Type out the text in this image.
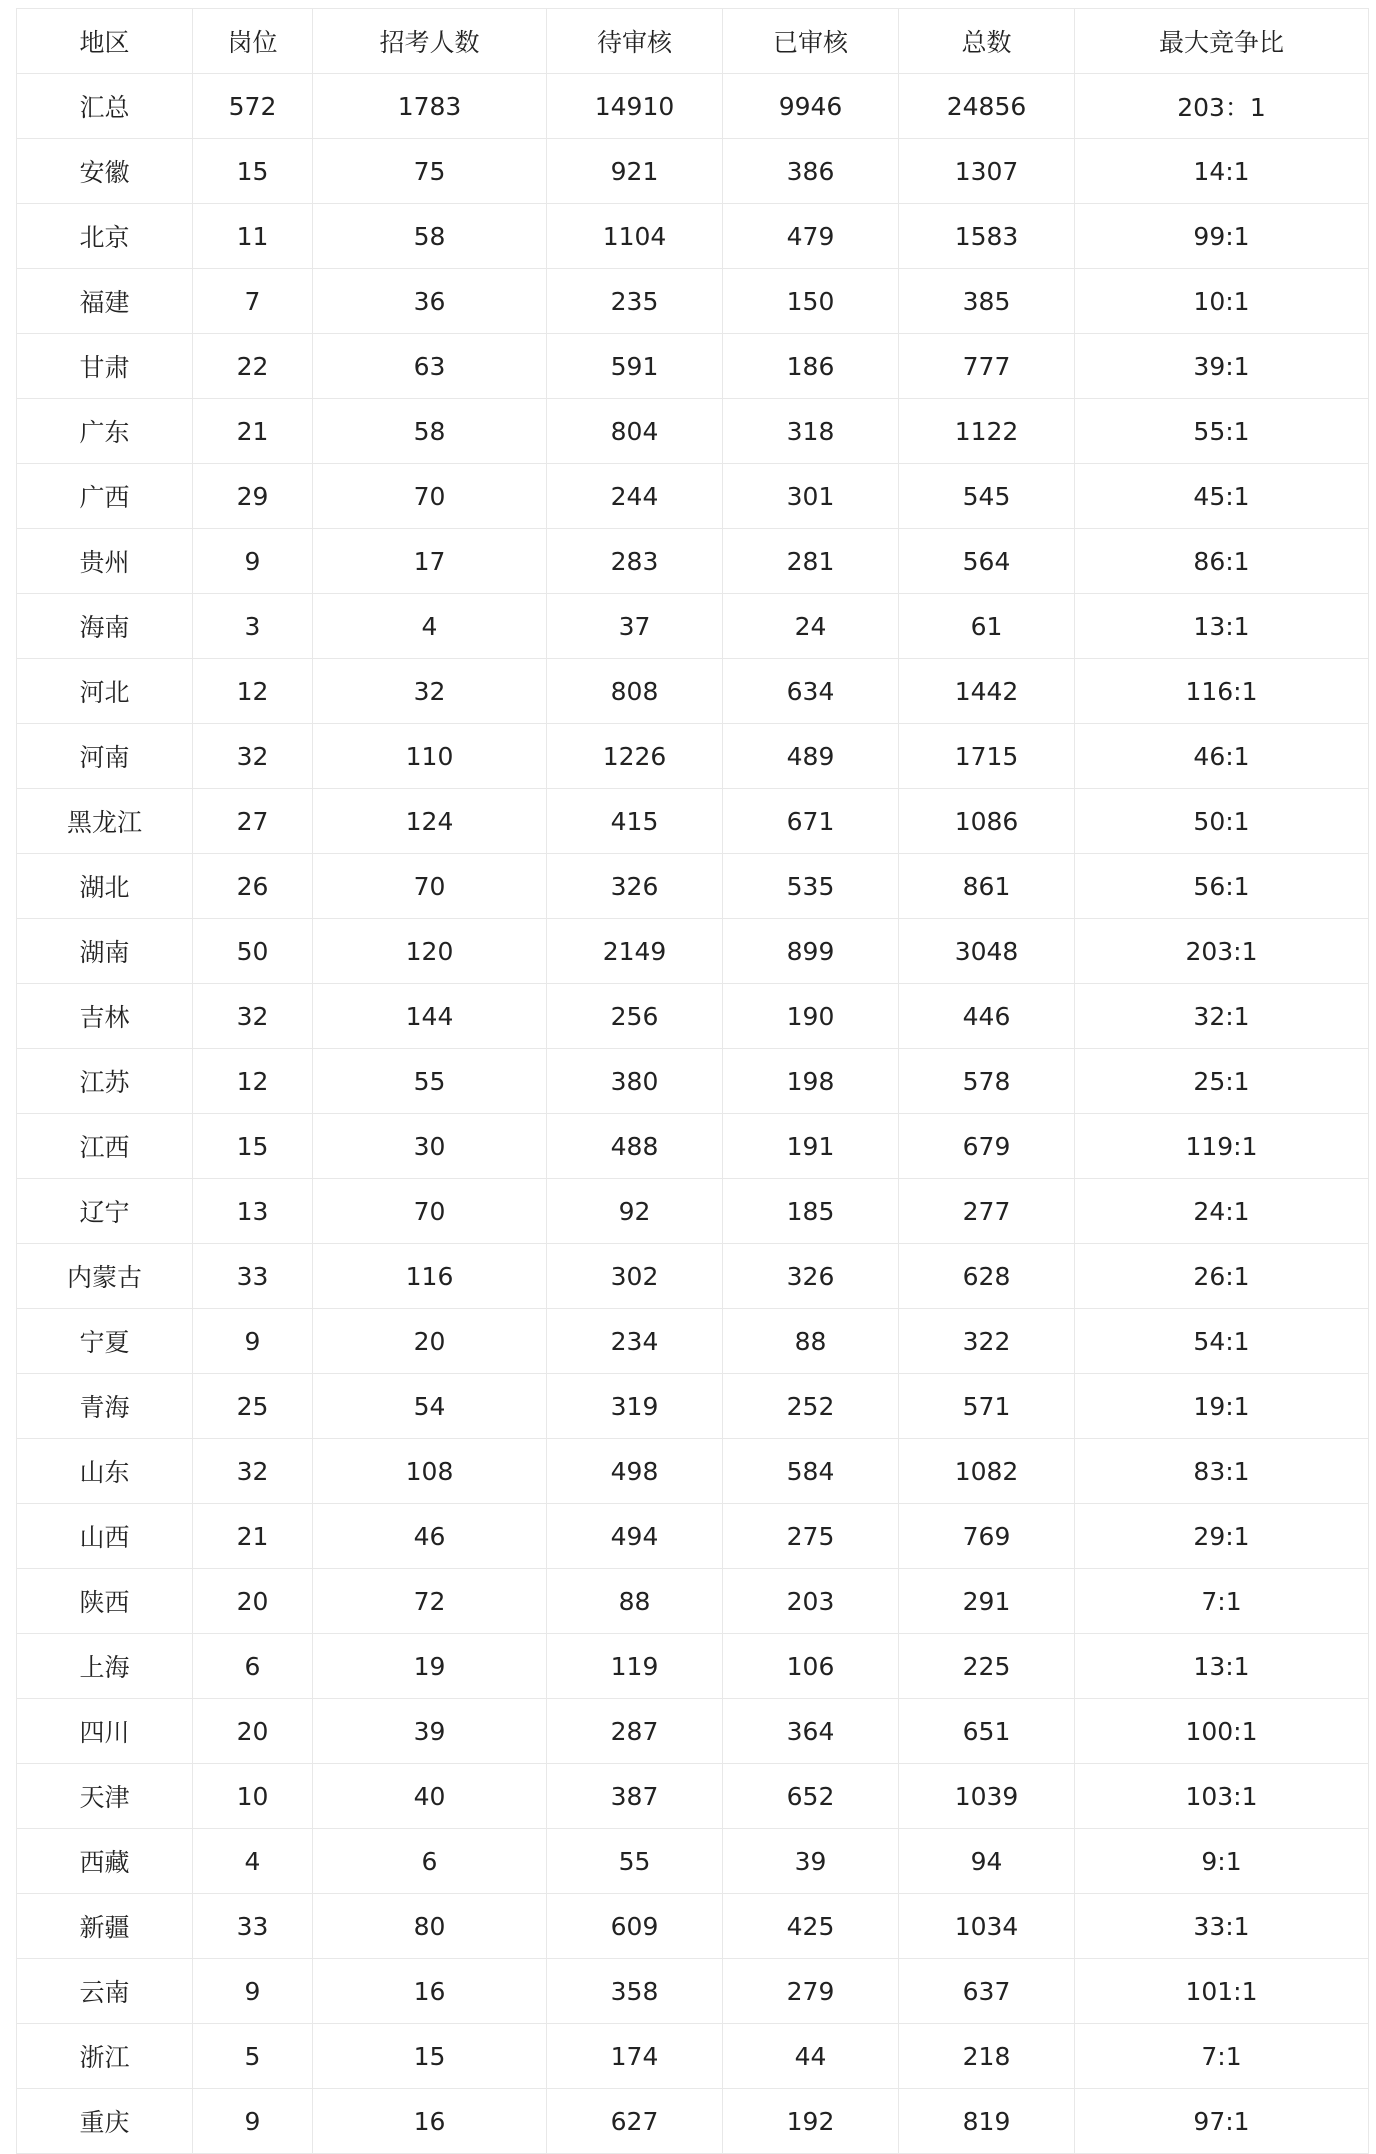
地区	岗位	招考人数	待审核	已审核	总数	最大竞争比
汇总	572	1783	14910	9946	24856	203：1
安徽	15	75	921	386	1307	14:1
北京	11	58	1104	479	1583	99:1
福建	7	36	235	150	385	10:1
甘肃	22	63	591	186	777	39:1
广东	21	58	804	318	1122	55:1
广西	29	70	244	301	545	45:1
贵州	9	17	283	281	564	86:1
海南	3	4	37	24	61	13:1
河北	12	32	808	634	1442	116:1
河南	32	110	1226	489	1715	46:1
黑龙江	27	124	415	671	1086	50:1
湖北	26	70	326	535	861	56:1
湖南	50	120	2149	899	3048	203:1
吉林	32	144	256	190	446	32:1
江苏	12	55	380	198	578	25:1
江西	15	30	488	191	679	119:1
辽宁	13	70	92	185	277	24:1
内蒙古	33	116	302	326	628	26:1
宁夏	9	20	234	88	322	54:1
青海	25	54	319	252	571	19:1
山东	32	108	498	584	1082	83:1
山西	21	46	494	275	769	29:1
陕西	20	72	88	203	291	7:1
上海	6	19	119	106	225	13:1
四川	20	39	287	364	651	100:1
天津	10	40	387	652	1039	103:1
西藏	4	6	55	39	94	9:1
新疆	33	80	609	425	1034	33:1
云南	9	16	358	279	637	101:1
浙江	5	15	174	44	218	7:1
重庆	9	16	627	192	819	97:1
